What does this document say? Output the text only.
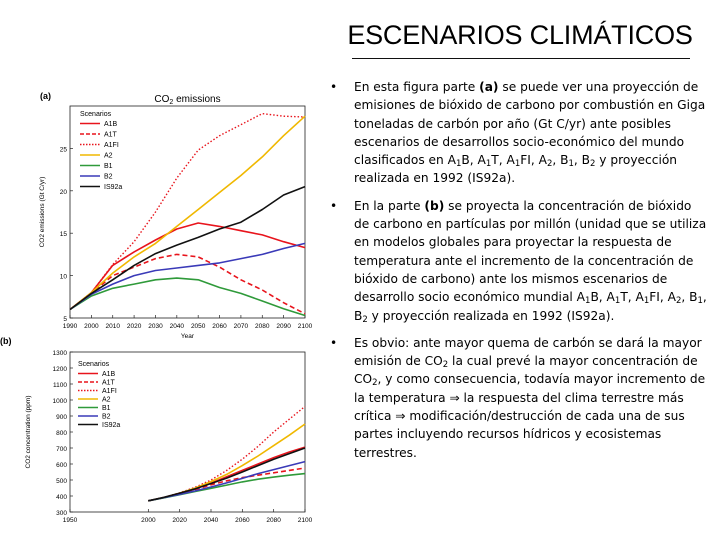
ESCENARIOS CLIMÁTICOS
(a)	$CO_2$ emissions
1990 2000 2010 2020 2030 2040 2050 2060 2070 2080 2090 2100
5
10
15
20
25
Year
CO2 emissions (Gt C/yr)
Scenarios
A1B
A1T
A1FI
A2
B1
B2
IS92a
(b)
1950	2000	2020	2040	2060	2080	2100
300
400
500
600
700
800
900
1000
1100
1200
1300
CO2 concentration (ppm)
Scenarios
A1B
A1T
A1FI
A2
B1
B2
IS92a
• En esta figura parte (a) se puede ver una proyección de emisiones de bióxido de carbono por combustión en Giga toneladas de carbón por año (Gt C/yr) ante posibles escenarios de desarrollos socio-económico del mundo clasificados en $A_1B$, $A_1T$, $A_1FI$, $A_2$, $B_1$, $B_2$ y proyección realizada en 1992 (IS92a).
• En la parte (b) se proyecta la concentración de bióxido de carbono en partículas por millón (unidad que se utiliza en modelos globales para proyectar la respuesta de temperatura ante el incremento de la concentración de bióxido de carbono) ante los mismos escenarios de desarrollo socio económico mundial $A_1B$, $A_1T$, $A_1FI$, $A_2$, $B_1$, $B_2$ y proyección realizada en 1992 (IS92a).
• Es obvio: ante mayor quema de carbón se dará la mayor emisión de $CO_2$ la cual prevé la mayor concentración de $CO_2$, y como consecuencia, todavía mayor incremento de la temperatura ⇒ la respuesta del clima terrestre más crítica ⇒ modificación/destrucción de cada una de sus partes incluyendo recursos hídricos y ecosistemas terrestres.
